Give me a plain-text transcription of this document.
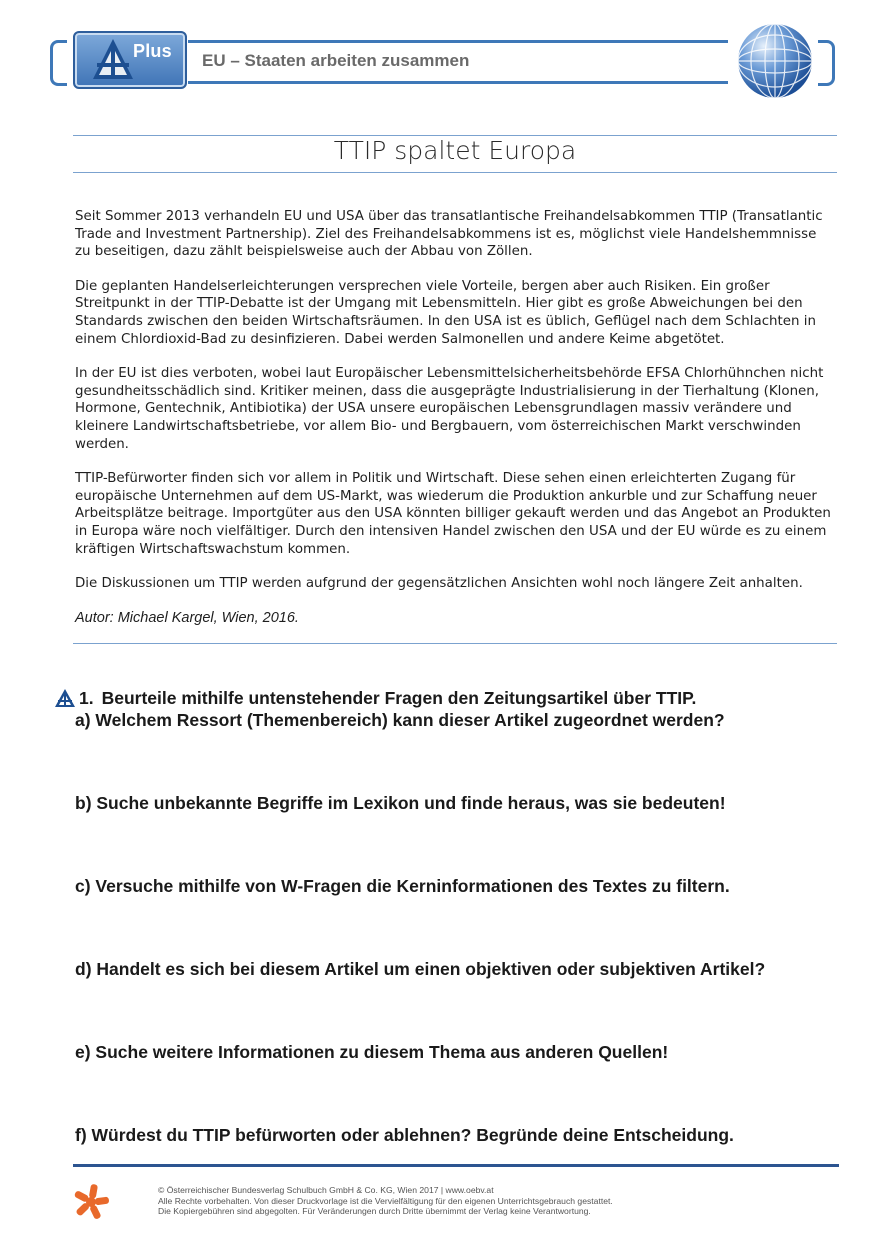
Plus EU – Staaten arbeiten zusammen
TTIP spaltet Europa

Seit Sommer 2013 verhandeln EU und USA über das transatlantische Freihandelsabkommen TTIP (Transatlantic Trade and Investment Partnership). Ziel des Freihandelsabkommens ist es, möglichst viele Handelshemmnisse zu beseitigen, dazu zählt beispielsweise auch der Abbau von Zöllen.

Die geplanten Handelserleichterungen versprechen viele Vorteile, bergen aber auch Risiken. Ein großer Streitpunkt in der TTIP-Debatte ist der Umgang mit Lebensmitteln. Hier gibt es große Abweichungen bei den Standards zwischen den beiden Wirtschaftsräumen. In den USA ist es üblich, Geflügel nach dem Schlachten in einem Chlordioxid-Bad zu desinfizieren. Dabei werden Salmonellen und andere Keime abgetötet.

In der EU ist dies verboten, wobei laut Europäischer Lebensmittelsicherheitsbehörde EFSA Chlorhühnchen nicht gesundheitsschädlich sind. Kritiker meinen, dass die ausgeprägte Industrialisierung in der Tierhaltung (Klonen, Hormone, Gentechnik, Antibiotika) der USA unsere europäischen Lebensgrundlagen massiv verändere und kleinere Landwirtschaftsbetriebe, vor allem Bio- und Bergbauern, vom österreichischen Markt verschwinden werden.

TTIP-Befürworter finden sich vor allem in Politik und Wirtschaft. Diese sehen einen erleichterten Zugang für europäische Unternehmen auf dem US-Markt, was wiederum die Produktion ankurble und zur Schaffung neuer Arbeitsplätze beitrage. Importgüter aus den USA könnten billiger gekauft werden und das Angebot an Produkten in Europa wäre noch vielfältiger. Durch den intensiven Handel zwischen den USA und der EU würde es zu einem kräftigen Wirtschaftswachstum kommen.

Die Diskussionen um TTIP werden aufgrund der gegensätzlichen Ansichten wohl noch längere Zeit anhalten.

Autor: Michael Kargel, Wien, 2016.
1. Beurteile mithilfe untenstehender Fragen den Zeitungsartikel über TTIP.
a) Welchem Ressort (Themenbereich) kann dieser Artikel zugeordnet werden?
b) Suche unbekannte Begriffe im Lexikon und finde heraus, was sie bedeuten!
c) Versuche mithilfe von W-Fragen die Kerninformationen des Textes zu filtern.
d) Handelt es sich bei diesem Artikel um einen objektiven oder subjektiven Artikel?
e) Suche weitere Informationen zu diesem Thema aus anderen Quellen!
f) Würdest du TTIP befürworten oder ablehnen? Begründe deine Entscheidung.
© Österreichischer Bundesverlag Schulbuch GmbH & Co. KG, Wien 2017 | www.oebv.at
Alle Rechte vorbehalten. Von dieser Druckvorlage ist die Vervielfältigung für den eigenen Unterrichtsgebrauch gestattet.
Die Kopiergebühren sind abgegolten. Für Veränderungen durch Dritte übernimmt der Verlag keine Verantwortung.
